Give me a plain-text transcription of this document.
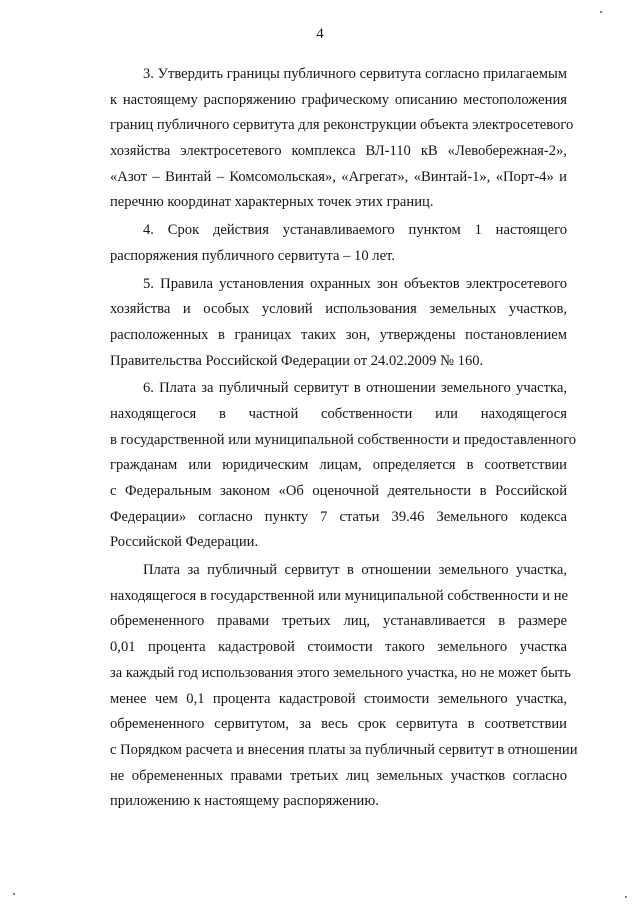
4
3. Утвердить границы публичного сервитута согласно прилагаемым
к настоящему распоряжению графическому описанию местоположения
границ публичного сервитута для реконструкции объекта электросетевого
хозяйства электросетевого комплекса ВЛ-110 кВ «Левобережная-2»,
«Азот – Винтай – Комсомольская», «Агрегат», «Винтай-1», «Порт-4» и
перечню координат характерных точек этих границ.
4. Срок действия устанавливаемого пунктом 1 настоящего
распоряжения публичного сервитута – 10 лет.
5. Правила установления охранных зон объектов электросетевого
хозяйства и особых условий использования земельных участков,
расположенных в границах таких зон, утверждены постановлением
Правительства Российской Федерации от 24.02.2009 № 160.
6. Плата за публичный сервитут в отношении земельного участка,
находящегося в частной собственности или находящегося
в государственной или муниципальной собственности и предоставленного
гражданам или юридическим лицам, определяется в соответствии
с Федеральным законом «Об оценочной деятельности в Российской
Федерации» согласно пункту 7 статьи 39.46 Земельного кодекса
Российской Федерации.
Плата за публичный сервитут в отношении земельного участка,
находящегося в государственной или муниципальной собственности и не
обремененного правами третьих лиц, устанавливается в размере
0,01 процента кадастровой стоимости такого земельного участка
за каждый год использования этого земельного участка, но не может быть
менее чем 0,1 процента кадастровой стоимости земельного участка,
обремененного сервитутом, за весь срок сервитута в соответствии
с Порядком расчета и внесения платы за публичный сервитут в отношении
не обремененных правами третьих лиц земельных участков согласно
приложению к настоящему распоряжению.
